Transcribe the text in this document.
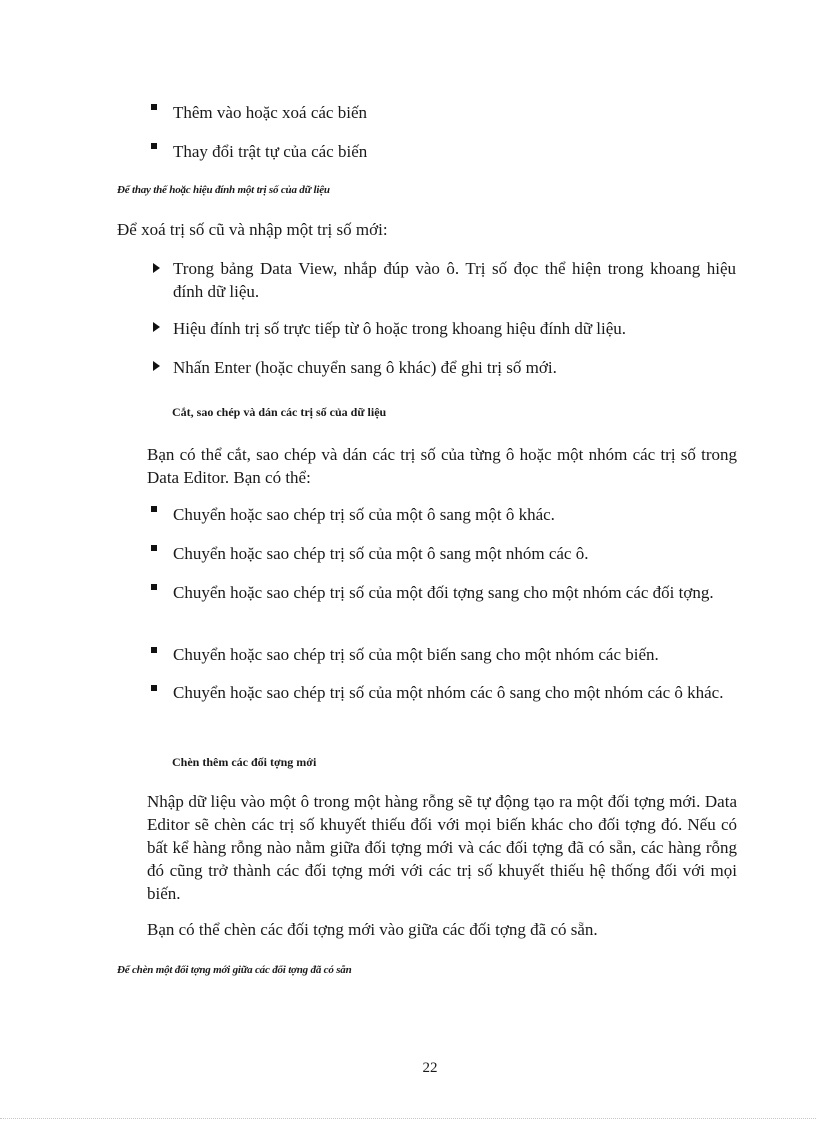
Thêm vào hoặc xoá các biến
Thay đổi trật tự của các biến
Để thay thế hoặc hiệu đính một trị số của dữ liệu
Để xoá trị số cũ và nhập một trị số mới:
Trong bảng Data View, nhắp đúp vào ô. Trị số đọc thể hiện trong khoang hiệu đính dữ liệu.
Hiệu đính trị số trực tiếp từ ô hoặc trong khoang hiệu đính dữ liệu.
Nhấn Enter (hoặc chuyển sang ô khác) để ghi trị số mới.
Cắt, sao chép và dán các trị số của dữ liệu
Bạn có thể cắt, sao chép và dán các trị số của từng ô hoặc một nhóm các trị số trong Data Editor. Bạn có thể:
Chuyển hoặc sao chép trị số của một ô sang một ô khác.
Chuyển hoặc sao chép trị số của một ô sang một nhóm các ô.
Chuyển hoặc sao chép trị số của một đối tợng sang cho một nhóm các đối tợng.
Chuyển hoặc sao chép trị số của một biến sang cho một nhóm các biến.
Chuyển hoặc sao chép trị số của một nhóm các ô sang cho một nhóm các ô khác.
Chèn thêm các đối tợng mới
Nhập dữ liệu vào một ô trong một hàng rỗng sẽ tự động tạo ra một đối tợng mới. Data Editor sẽ chèn các trị số khuyết thiếu đối với mọi biến khác cho đối tợng đó. Nếu có bất kể hàng rỗng nào nằm giữa đối tợng mới và các đối tợng đã có sẵn, các hàng rỗng đó cũng trở thành các đối tợng mới với các trị số khuyết thiếu hệ thống đối với mọi biến.
Bạn có thể chèn các đối tợng mới vào giữa các đối tợng đã có sẵn.
Để chèn một đối tợng mới giữa các đối tợng đã có sẵn
22
